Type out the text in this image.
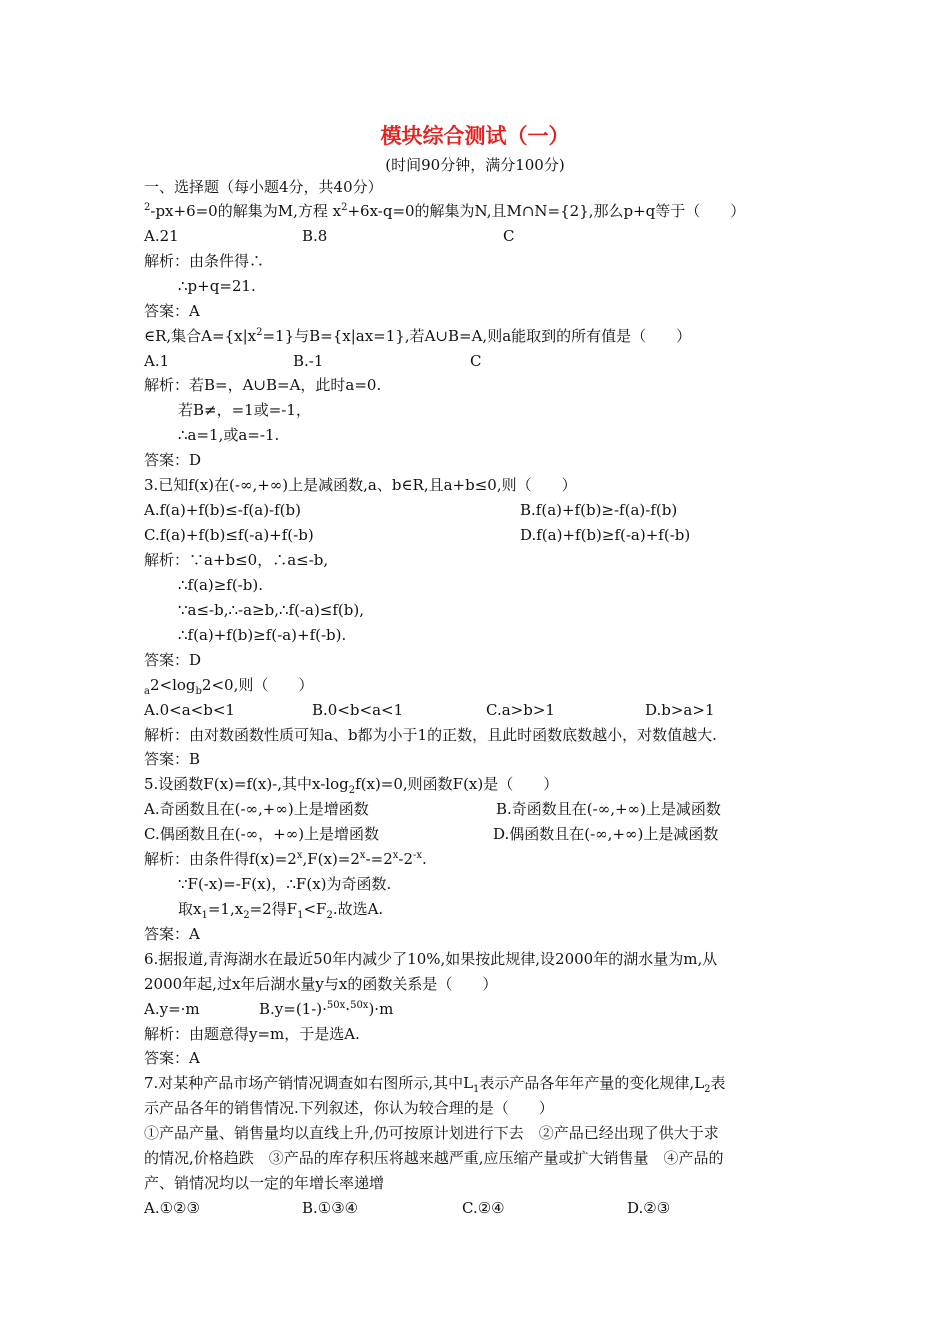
模块综合测试（一）
(时间90分钟，满分100分)
一、选择题（每小题4分，共40分）
$^2$-px+6=0的解集为M,方程 $x^2+6x-q=0$的解集为N,且M∩N={2},那么p+q等于（　　）
A.21	B.8	C
解析：由条件得∴
∴p+q=21.
答案：A
∈R,集合$A=\{x|x^2=1\}$与B={x|ax=1},若A∪B=A,则a能取到的所有值是（　　）
A.1	B.-1	C
解析：若B=，A∪B=A，此时a=0.
若B≠，=1或=-1，
∴a=1,或a=-1.
答案：D
3.已知f(x)在(-∞,+∞)上是减函数,a、b∈R,且a+b≤0,则（　　）
A.f(a)+f(b)≤-f(a)-f(b)	B.f(a)+f(b)≥-f(a)-f(b)
C.f(a)+f(b)≤f(-a)+f(-b)	D.f(a)+f(b)≥f(-a)+f(-b)
解析：∵a+b≤0，∴a≤-b,
∴f(a)≥f(-b).
∵a≤-b,∴-a≥b,∴f(-a)≤f(b),
∴f(a)+f(b)≥f(-a)+f(-b).
答案：D
$_a2<\log_b2<0$,则（　　）
A.0<a<b<1	B.0<b<a<1	C.a>b>1	D.b>a>1
解析：由对数函数性质可知a、b都为小于1的正数，且此时函数底数越小，对数值越大.
答案：B
5.设函数F(x)=f(x)-,其中$x-\log_2f(x)=0$,则函数F(x)是（　　）
A.奇函数且在(-∞,+∞)上是增函数	B.奇函数且在(-∞,+∞)上是减函数
C.偶函数且在(-∞，+∞)上是增函数	D.偶函数且在(-∞,+∞)上是减函数
解析：由条件得$f(x)=2^x,F(x)=2^x-=2^x-2^{-x}$.
∵F(-x)=-F(x)，∴F(x)为奇函数.
取$x_1=1,x_2=2$得$F_1<F_2$.故选A.
答案：A
6.据报道,青海湖水在最近50年内减少了10%,如果按此规律,设2000年的湖水量为m,从
2000年起,过x年后湖水量y与x的函数关系是（　　）
A.y=·m	B.y=(1-)·$^{50x}$·$^{50x}$)·m
解析：由题意得y=m，于是选A.
答案：A
7.对某种产品市场产销情况调查如右图所示,其中$L_1$表示产品各年年产量的变化规律$,L_2$表
示产品各年的销售情况.下列叙述，你认为较合理的是（　　）
①产品产量、销售量均以直线上升,仍可按原计划进行下去　②产品已经出现了供大于求
的情况,价格趋跌　③产品的库存积压将越来越严重,应压缩产量或扩大销售量　④产品的
产、销情况均以一定的年增长率递增
A.①②③	B.①③④	C.②④	D.②③
